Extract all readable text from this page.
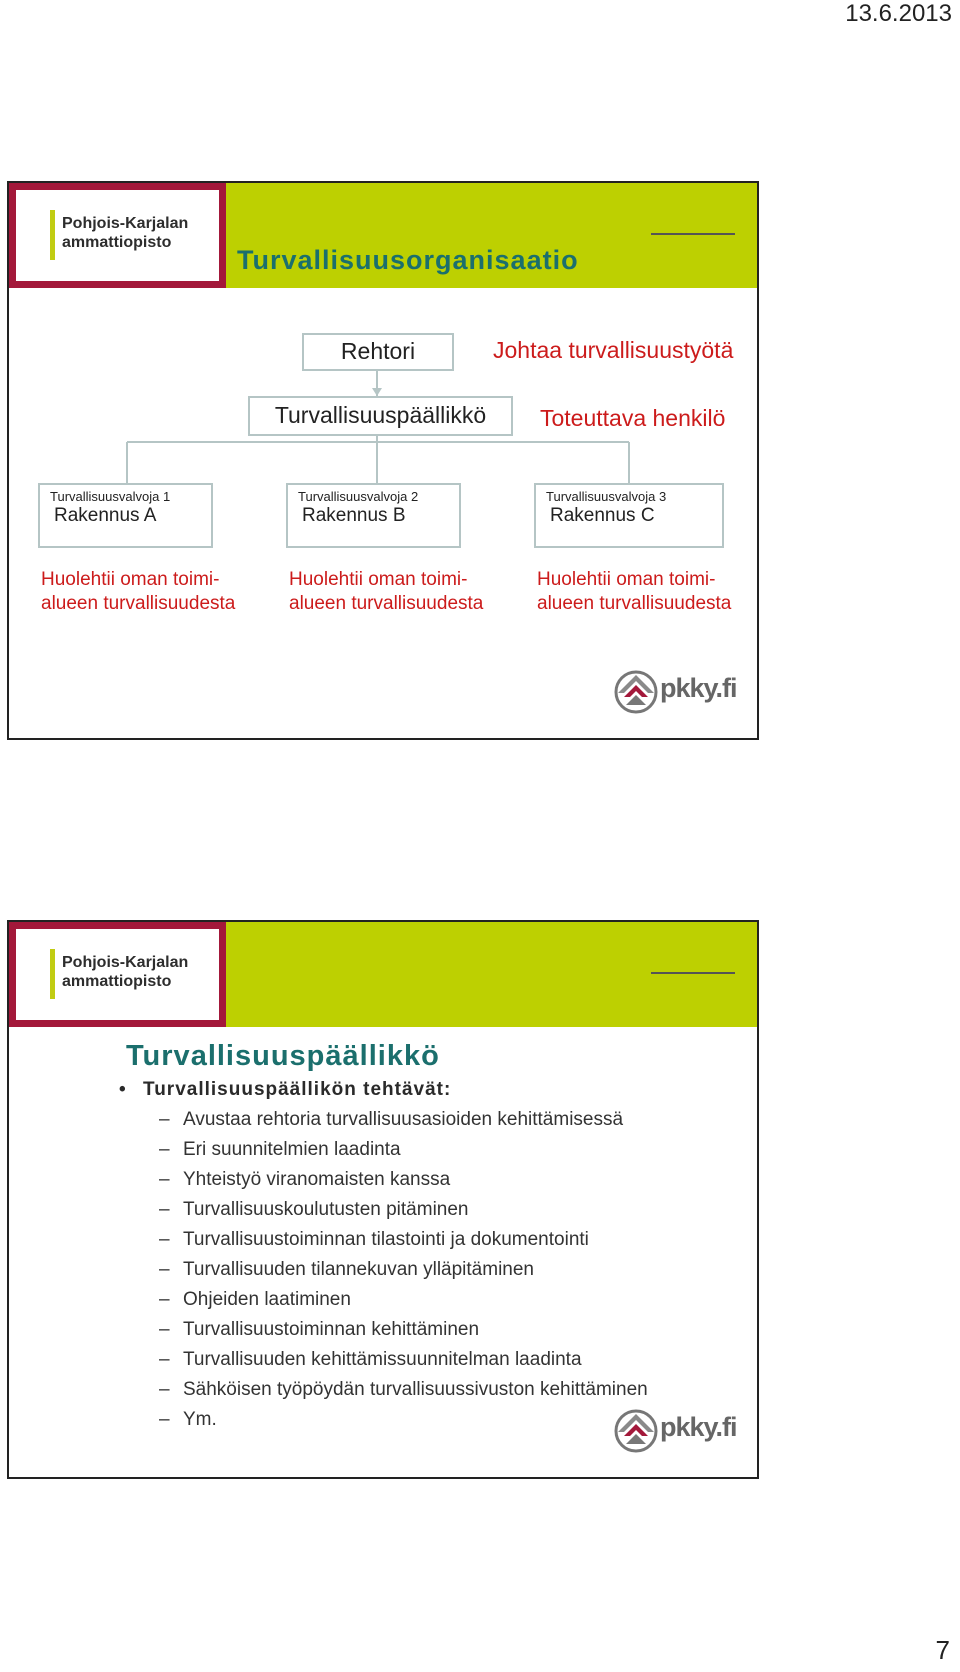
13.6.2013
Pohjois-Karjalan
ammattiopisto
Turvallisuusorganisaatio
Rehtori	Johtaa turvallisuustyötä
Turvallisuuspäällikkö	Toteuttava henkilö
Turvallisuusvalvoja 1
Rakennus A
Turvallisuusvalvoja 2
Rakennus B
Turvallisuusvalvoja 3
Rakennus C
Huolehtii oman toimi-
alueen turvallisuudesta
Huolehtii oman toimi-
alueen turvallisuudesta
Huolehtii oman toimi-
alueen turvallisuudesta
pkky.fi
Pohjois-Karjalan
ammattiopisto
Turvallisuuspäällikkö
• Turvallisuuspäällikön tehtävät:
– Avustaa rehtoria turvallisuusasioiden kehittämisessä
– Eri suunnitelmien laadinta
– Yhteistyö viranomaisten kanssa
– Turvallisuuskoulutusten pitäminen
– Turvallisuustoiminnan tilastointi ja dokumentointi
– Turvallisuuden tilannekuvan ylläpitäminen
– Ohjeiden laatiminen
– Turvallisuustoiminnan kehittäminen
– Turvallisuuden kehittämissuunnitelman laadinta
– Sähköisen työpöydän turvallisuussivuston kehittäminen
– Ym.	pkky.fi
7
